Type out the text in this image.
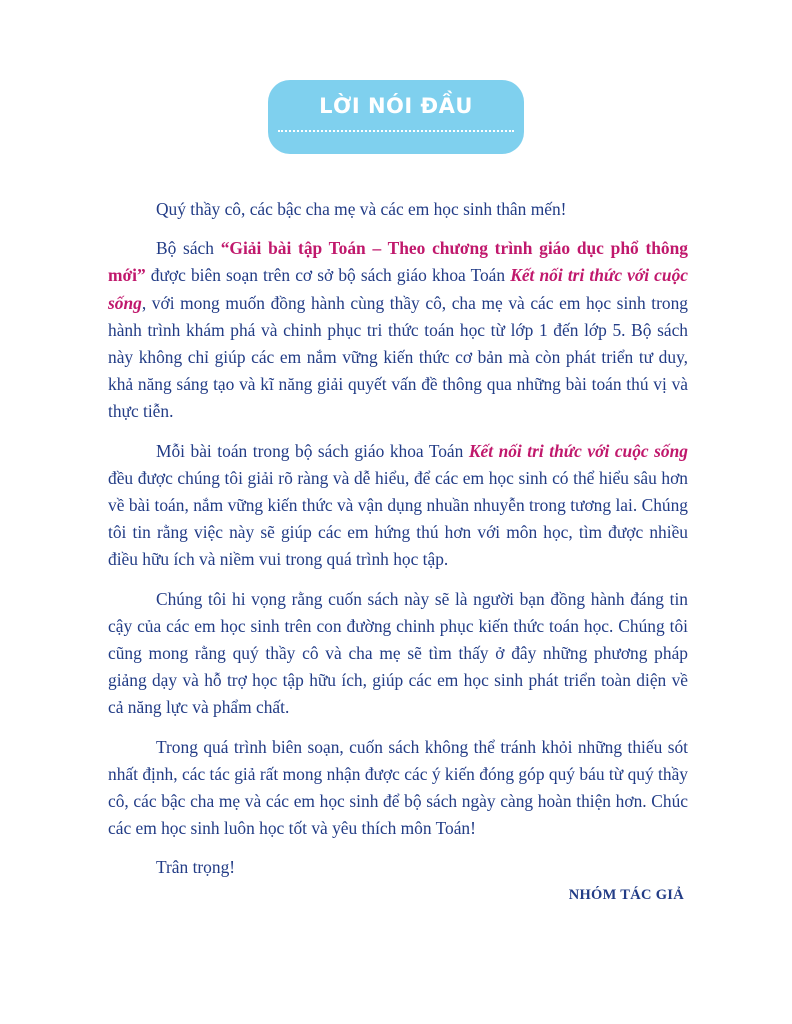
LỜI NÓI ĐẦU

Quý thầy cô, các bậc cha mẹ và các em học sinh thân mến!

Bộ sách “Giải bài tập Toán – Theo chương trình giáo dục phổ thông mới” được biên soạn trên cơ sở bộ sách giáo khoa Toán Kết nối tri thức với cuộc sống, với mong muốn đồng hành cùng thầy cô, cha mẹ và các em học sinh trong hành trình khám phá và chinh phục tri thức toán học từ lớp 1 đến lớp 5. Bộ sách này không chỉ giúp các em nắm vững kiến thức cơ bản mà còn phát triển tư duy, khả năng sáng tạo và kĩ năng giải quyết vấn đề thông qua những bài toán thú vị và thực tiễn.

Mỗi bài toán trong bộ sách giáo khoa Toán Kết nối tri thức với cuộc sống đều được chúng tôi giải rõ ràng và dễ hiểu, để các em học sinh có thể hiểu sâu hơn về bài toán, nắm vững kiến thức và vận dụng nhuần nhuyễn trong tương lai. Chúng tôi tin rằng việc này sẽ giúp các em hứng thú hơn với môn học, tìm được nhiều điều hữu ích và niềm vui trong quá trình học tập.

Chúng tôi hi vọng rằng cuốn sách này sẽ là người bạn đồng hành đáng tin cậy của các em học sinh trên con đường chinh phục kiến thức toán học. Chúng tôi cũng mong rằng quý thầy cô và cha mẹ sẽ tìm thấy ở đây những phương pháp giảng dạy và hỗ trợ học tập hữu ích, giúp các em học sinh phát triển toàn diện về cả năng lực và phẩm chất.

Trong quá trình biên soạn, cuốn sách không thể tránh khỏi những thiếu sót nhất định, các tác giả rất mong nhận được các ý kiến đóng góp quý báu từ quý thầy cô, các bậc cha mẹ và các em học sinh để bộ sách ngày càng hoàn thiện hơn. Chúc các em học sinh luôn học tốt và yêu thích môn Toán!

Trân trọng!

NHÓM TÁC GIẢ
